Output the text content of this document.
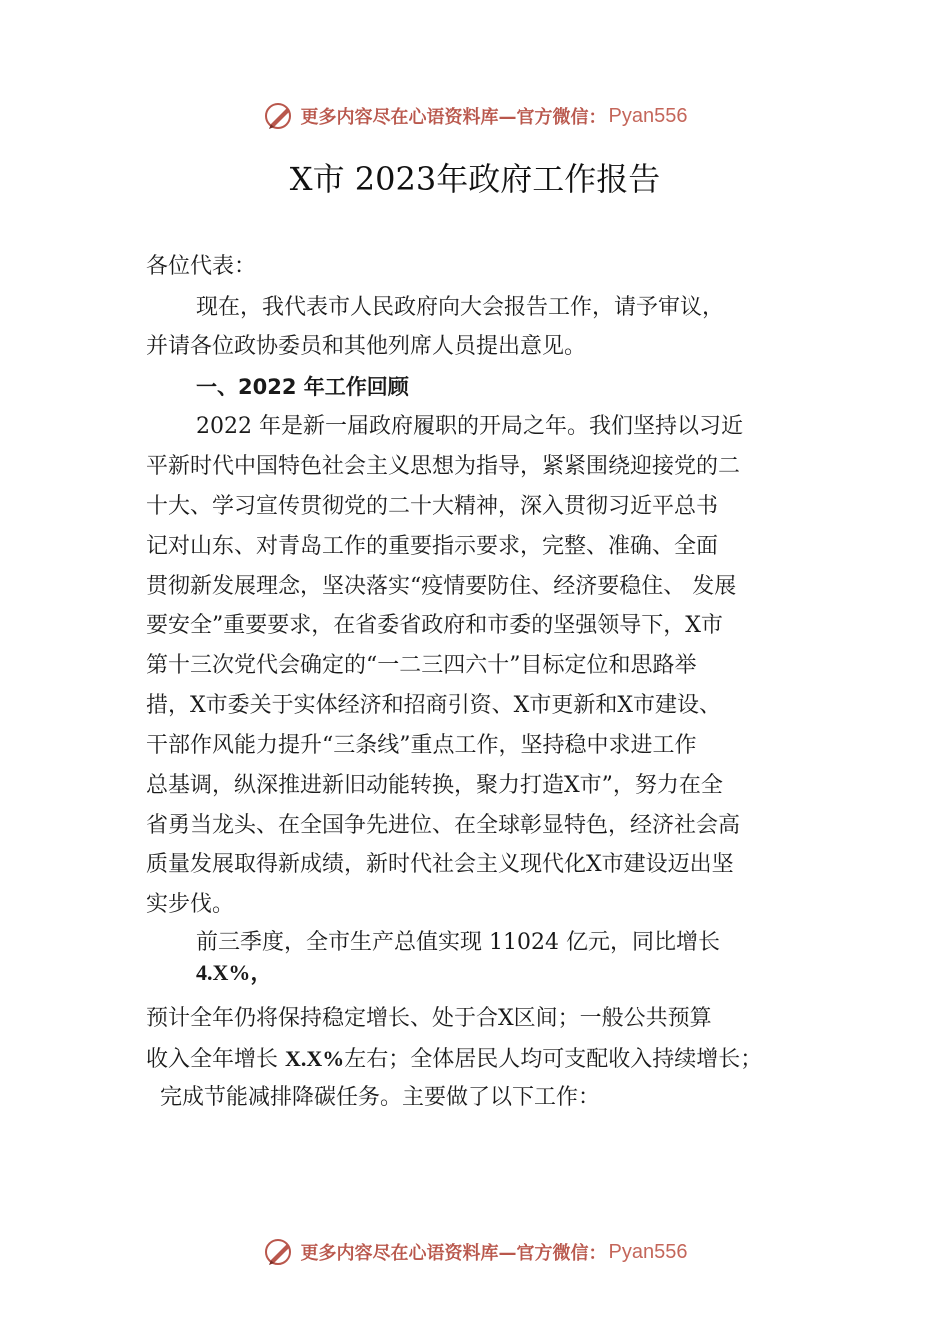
更多内容尽在心语资料库—官方微信： Pyan556
X市 2023年政府工作报告
各位代表：
现在，我代表市人民政府向大会报告工作，请予审议，
并请各位政协委员和其他列席人员提出意见。
一、2022 年工作回顾
2022 年是新一届政府履职的开局之年。我们坚持以习近
平新时代中国特色社会主义思想为指导，紧紧围绕迎接党的二
十大、学习宣传贯彻党的二十大精神，深入贯彻习近平总书
记对山东、对青岛工作的重要指示要求，完整、准确、全面
贯彻新发展理念，坚决落实“疫情要防住、经济要稳住、 发展
要安全”重要要求，在省委省政府和市委的坚强领导下，X市
第十三次党代会确定的“一二三四六十”目标定位和思路举
措，X市委关于实体经济和招商引资、X市更新和X市建设、
干部作风能力提升“三条线”重点工作，坚持稳中求进工作
总基调，纵深推进新旧动能转换，聚力打造X市”，努力在全
省勇当龙头、在全国争先进位、在全球彰显特色，经济社会高
质量发展取得新成绩，新时代社会主义现代化X市建设迈出坚
实步伐。
前三季度，全市生产总值实现 11024 亿元，同比增长
4.X%，
预计全年仍将保持稳定增长、处于合X区间；一般公共预算
收入全年增长 X.X%左右；全体居民人均可支配收入持续增长；
完成节能减排降碳任务。主要做了以下工作：
更多内容尽在心语资料库—官方微信： Pyan556
